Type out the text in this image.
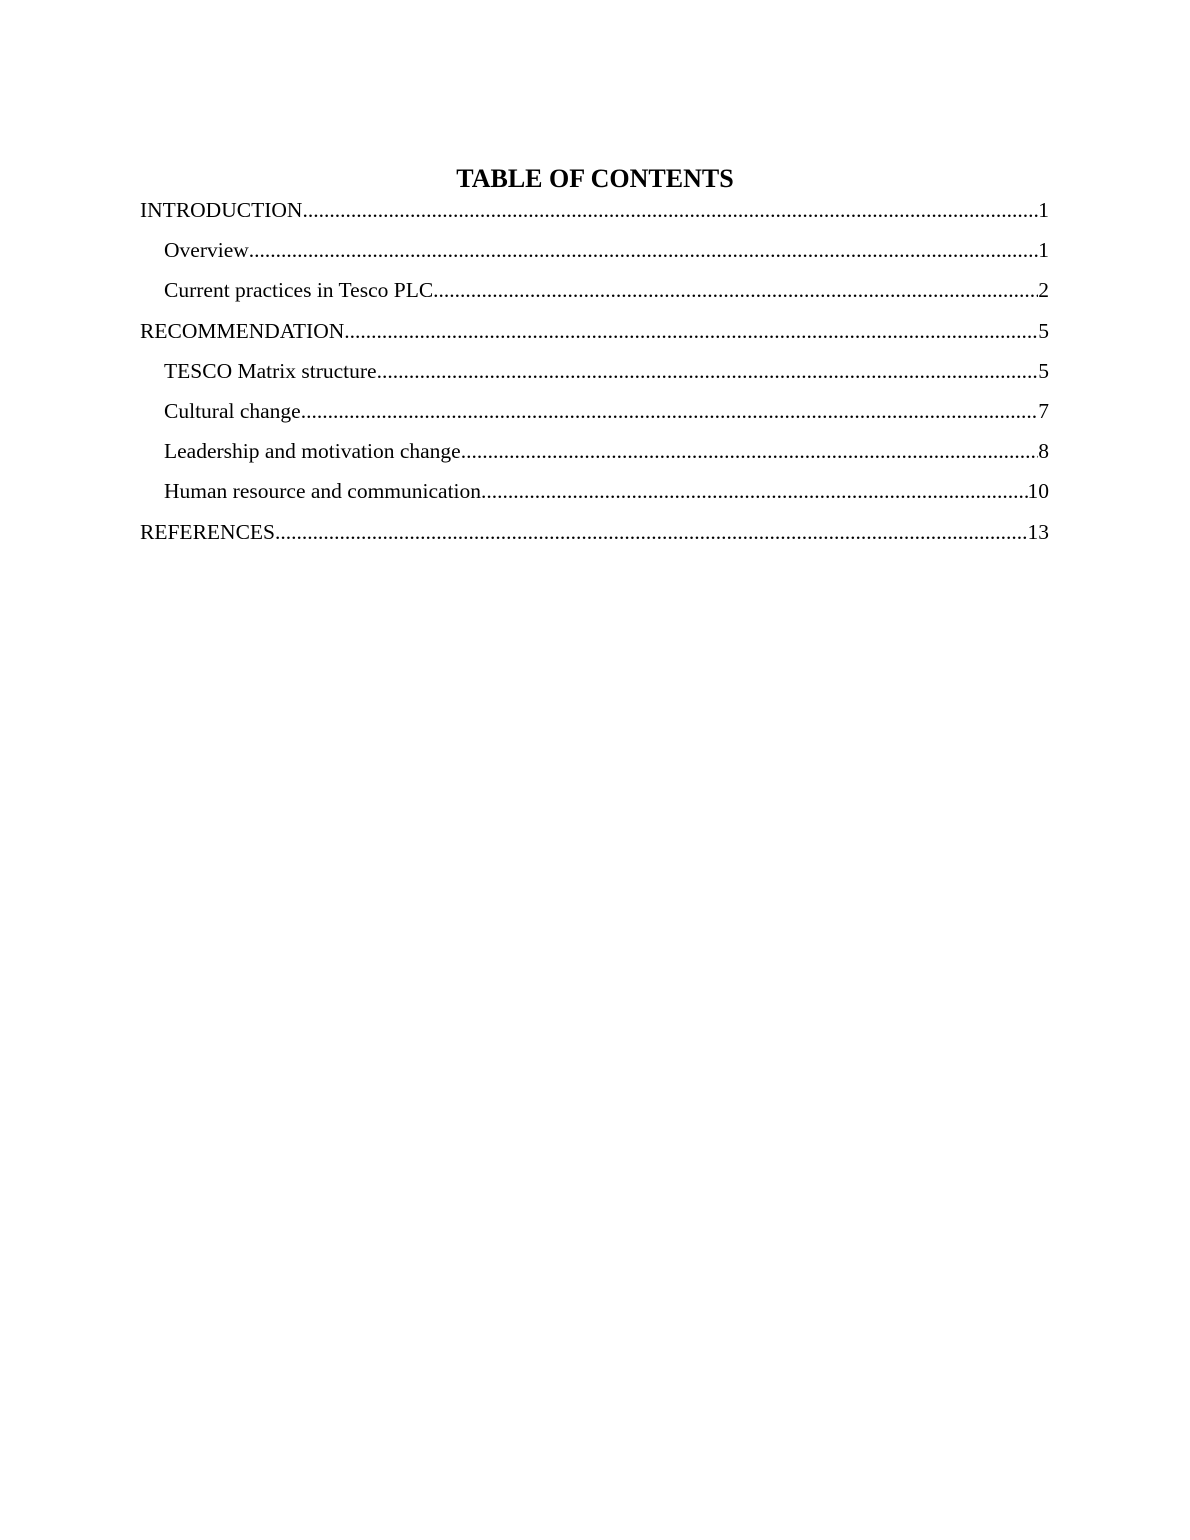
TABLE OF CONTENTS
INTRODUCTION .....	1
Overview .....	1
Current practices in Tesco PLC .....	2
RECOMMENDATION .....	5
TESCO Matrix structure .....	5
Cultural change .....	7
Leadership and motivation change .....	8
Human resource and communication .....	10
REFERENCES .....	13
